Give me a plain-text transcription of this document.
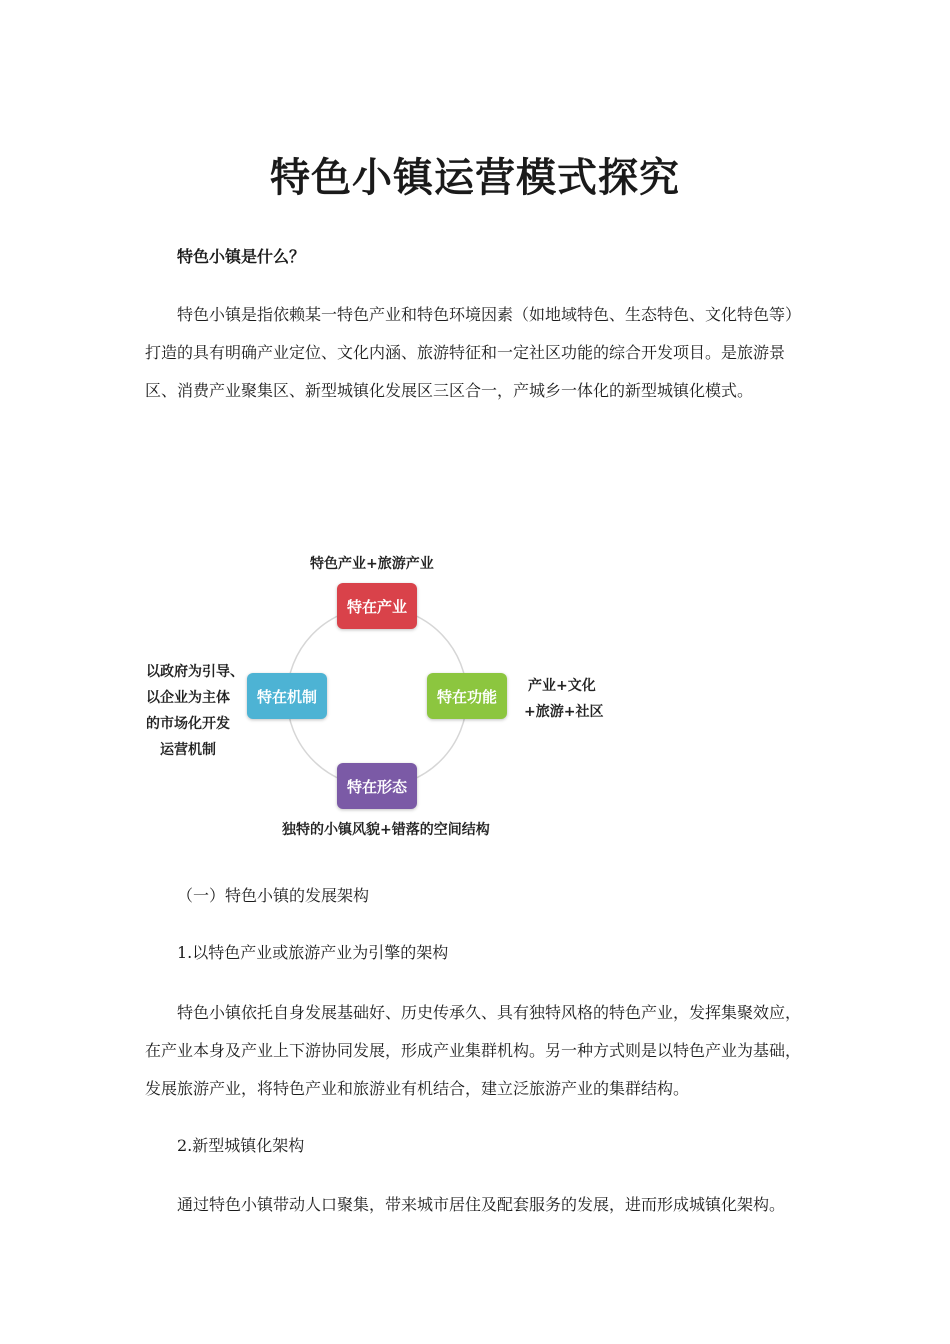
特色小镇运营模式探究

特色小镇是什么？

特色小镇是指依赖某一特色产业和特色环境因素（如地域特色、生态特色、文化特色等）打造的具有明确产业定位、文化内涵、旅游特征和一定社区功能的综合开发项目。是旅游景区、消费产业聚集区、新型城镇化发展区三区合一，产城乡一体化的新型城镇化模式。

特色产业+旅游产业
特在产业
特在机制	特在功能
特在形态
以政府为引导、
以企业为主体
的市场化开发
运营机制
产业+文化
+旅游+社区
独特的小镇风貌+错落的空间结构

（一）特色小镇的发展架构

1.以特色产业或旅游产业为引擎的架构

特色小镇依托自身发展基础好、历史传承久、具有独特风格的特色产业，发挥集聚效应，在产业本身及产业上下游协同发展，形成产业集群机构。另一种方式则是以特色产业为基础，发展旅游产业，将特色产业和旅游业有机结合，建立泛旅游产业的集群结构。

2.新型城镇化架构

通过特色小镇带动人口聚集，带来城市居住及配套服务的发展，进而形成城镇化架构。
